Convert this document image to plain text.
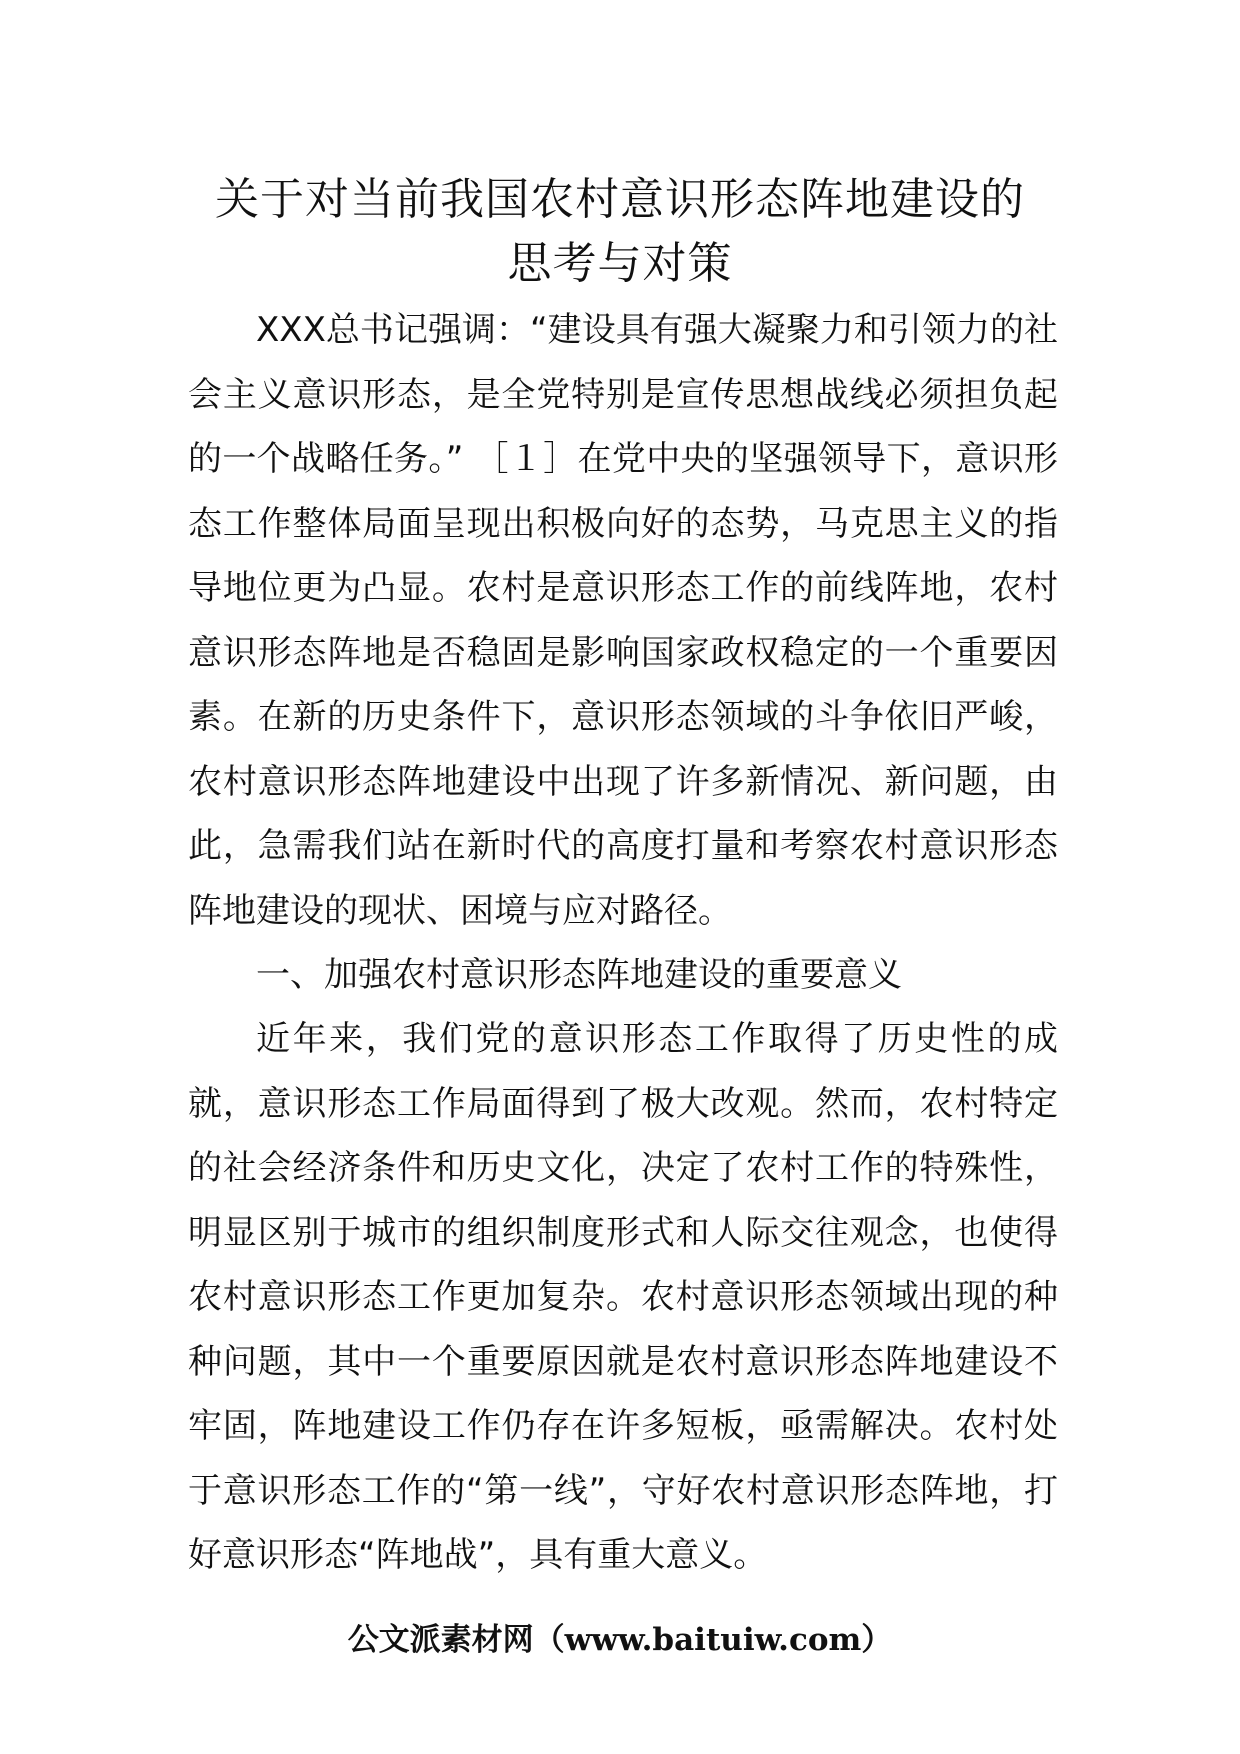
关于对当前我国农村意识形态阵地建设的
思考与对策

XXX总书记强调：“建设具有强大凝聚力和引领力的社会主义意识形态，是全党特别是宣传思想战线必须担负起的一个战略任务。” ［１］在党中央的坚强领导下，意识形态工作整体局面呈现出积极向好的态势，马克思主义的指导地位更为凸显。农村是意识形态工作的前线阵地，农村意识形态阵地是否稳固是影响国家政权稳定的一个重要因素。在新的历史条件下，意识形态领域的斗争依旧严峻，农村意识形态阵地建设中出现了许多新情况、新问题，由此，急需我们站在新时代的高度打量和考察农村意识形态阵地建设的现状、困境与应对路径。

一、加强农村意识形态阵地建设的重要意义

近年来，我们党的意识形态工作取得了历史性的成就，意识形态工作局面得到了极大改观。然而，农村特定的社会经济条件和历史文化，决定了农村工作的特殊性，明显区别于城市的组织制度形式和人际交往观念，也使得农村意识形态工作更加复杂。农村意识形态领域出现的种种问题，其中一个重要原因就是农村意识形态阵地建设不牢固，阵地建设工作仍存在许多短板，亟需解决。农村处于意识形态工作的“第一线”，守好农村意识形态阵地，打好意识形态“阵地战”，具有重大意义。

公文派素材网（www.baituiw.com）
